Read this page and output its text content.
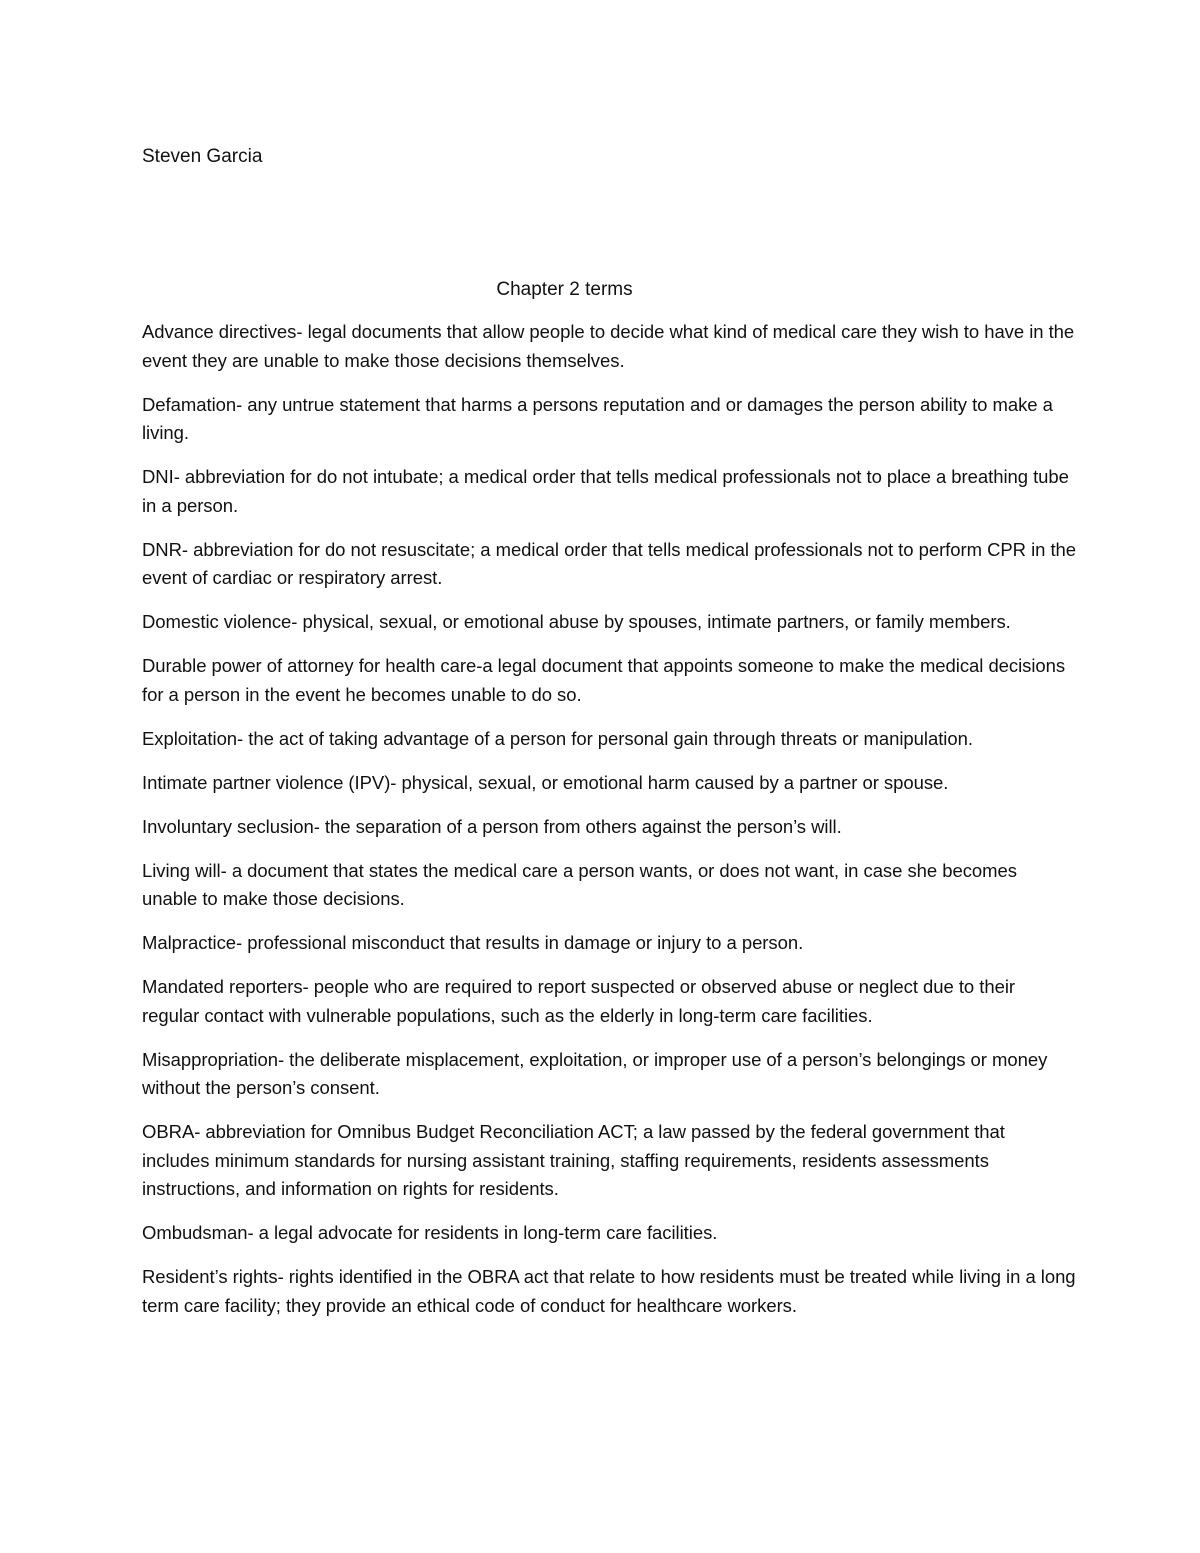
Steven Garcia

Chapter 2 terms

Advance directives- legal documents that allow people to decide what kind of medical care they wish to have in the event they are unable to make those decisions themselves.

Defamation- any untrue statement that harms a persons reputation and or damages the person ability to make a living.

DNI- abbreviation for do not intubate; a medical order that tells medical professionals not to place a breathing tube in a person.

DNR- abbreviation for do not resuscitate; a medical order that tells medical professionals not to perform CPR in the event of cardiac or respiratory arrest.

Domestic violence- physical, sexual, or emotional abuse by spouses, intimate partners, or family members.

Durable power of attorney for health care-a legal document that appoints someone to make the medical decisions for a person in the event he becomes unable to do so.

Exploitation- the act of taking advantage of a person for personal gain through threats or manipulation.

Intimate partner violence (IPV)- physical, sexual, or emotional harm caused by a partner or spouse.

Involuntary seclusion- the separation of a person from others against the person’s will.

Living will- a document that states the medical care a person wants, or does not want, in case she becomes unable to make those decisions.

Malpractice- professional misconduct that results in damage or injury to a person.

Mandated reporters- people who are required to report suspected or observed abuse or neglect due to their regular contact with vulnerable populations, such as the elderly in long-term care facilities.

Misappropriation- the deliberate misplacement, exploitation, or improper use of a person’s belongings or money without the person’s consent.

OBRA- abbreviation for Omnibus Budget Reconciliation ACT; a law passed by the federal government that includes minimum standards for nursing assistant training, staffing requirements, residents assessments instructions, and information on rights for residents.

Ombudsman- a legal advocate for residents in long-term care facilities.

Resident’s rights- rights identified in the OBRA act that relate to how residents must be treated while living in a long term care facility; they provide an ethical code of conduct for healthcare workers.
